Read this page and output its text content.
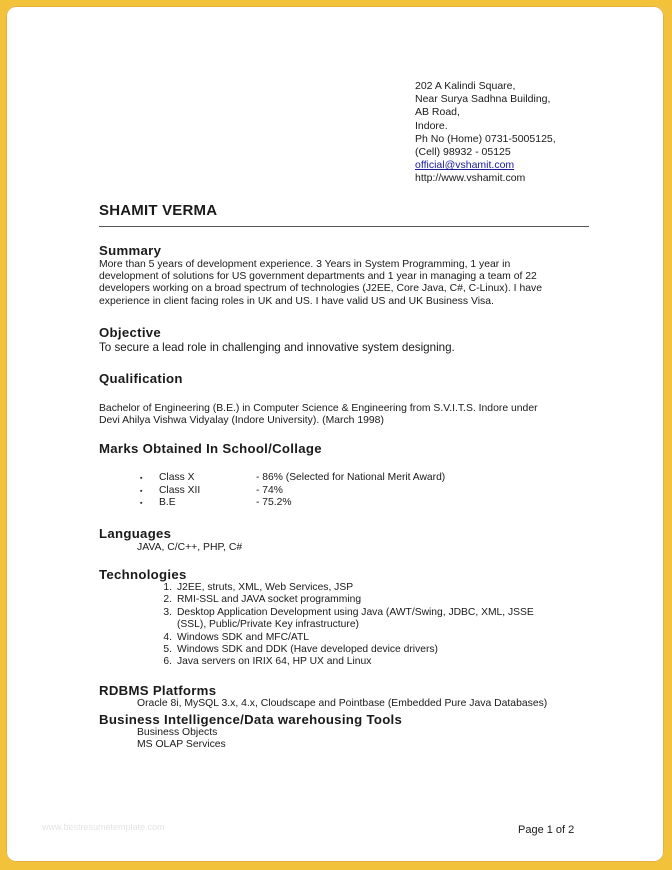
202 A Kalindi Square,
Near Surya Sadhna Building,
AB Road,
Indore.
Ph No (Home) 0731-5005125,
(Cell) 98932 - 05125
official@vshamit.com
http://www.vshamit.com
SHAMIT VERMA
Summary
More than 5 years of development experience. 3 Years in System Programming, 1 year in
development of solutions for US government departments and 1 year in managing a team of 22
developers working on a broad spectrum of technologies (J2EE, Core Java, C#, C-Linux). I have
experience in client facing roles in UK and US. I have valid US and UK Business Visa.
Objective
To secure a lead role in challenging and innovative system designing.
Qualification
Bachelor of Engineering (B.E.) in Computer Science & Engineering from S.V.I.T.S. Indore under
Devi Ahilya Vishwa Vidyalay (Indore University). (March 1998)
Marks Obtained In School/Collage
▪ Class X	- 86% (Selected for National Merit Award)
▪ Class XII	- 74%
▪ B.E	- 75.2%
Languages
JAVA, C/C++, PHP, C#
Technologies
1. J2EE, struts, XML, Web Services, JSP
2. RMI-SSL and JAVA socket programming
3. Desktop Application Development using Java (AWT/Swing, JDBC, XML, JSSE
(SSL), Public/Private Key infrastructure)
4. Windows SDK and MFC/ATL
5. Windows SDK and DDK (Have developed device drivers)
6. Java servers on IRIX 64, HP UX and Linux
RDBMS Platforms
Oracle 8i, MySQL 3.x, 4.x, Cloudscape and Pointbase (Embedded Pure Java Databases)
Business Intelligence/Data warehousing Tools
Business Objects
MS OLAP Services
www.bestresumetemplate.com	Page 1 of 2
